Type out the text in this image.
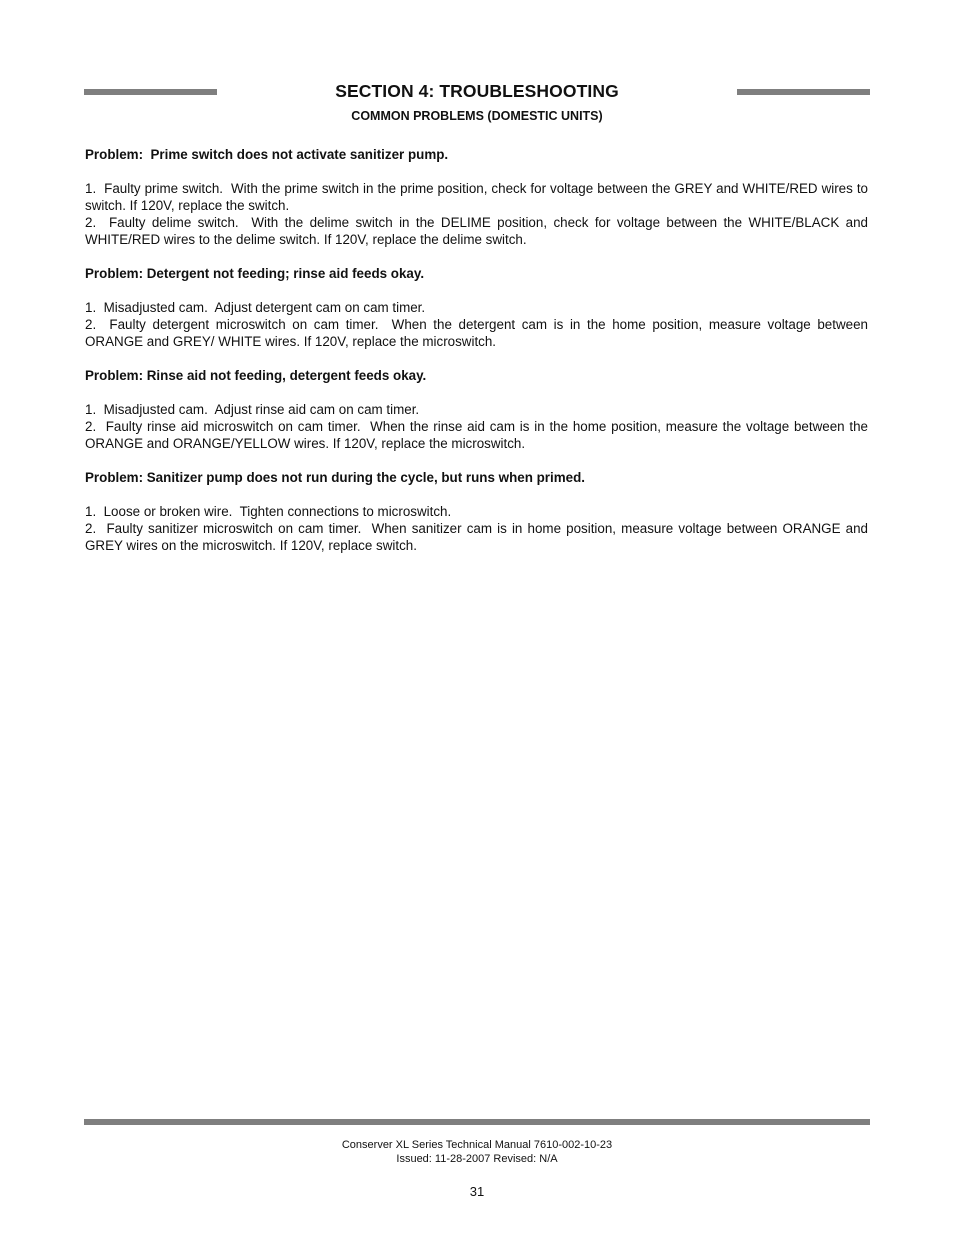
SECTION 4: TROUBLESHOOTING
COMMON PROBLEMS (DOMESTIC UNITS)

Problem:  Prime switch does not activate sanitizer pump.

1.  Faulty prime switch.  With the prime switch in the prime position, check for voltage between the GREY and WHITE/RED wires to switch. If 120V, replace the switch.

2.  Faulty delime switch.  With the delime switch in the DELIME position, check for voltage between the WHITE/BLACK and WHITE/RED wires to the delime switch. If 120V, replace the delime switch.

Problem: Detergent not feeding; rinse aid feeds okay.

1.  Misadjusted cam.  Adjust detergent cam on cam timer.

2.  Faulty detergent microswitch on cam timer.  When the detergent cam is in the home position, measure voltage between ORANGE and GREY/ WHITE wires. If 120V, replace the microswitch.

Problem: Rinse aid not feeding, detergent feeds okay.

1.  Misadjusted cam.  Adjust rinse aid cam on cam timer.

2.  Faulty rinse aid microswitch on cam timer.  When the rinse aid cam is in the home position, measure the voltage between the ORANGE and ORANGE/YELLOW wires. If 120V, replace the microswitch.

Problem: Sanitizer pump does not run during the cycle, but runs when primed.

1.  Loose or broken wire.  Tighten connections to microswitch.

2.  Faulty sanitizer microswitch on cam timer.  When sanitizer cam is in home position, measure voltage between ORANGE and GREY wires on the microswitch. If 120V, replace switch.

Conserver XL Series Technical Manual 7610-002-10-23
Issued: 11-28-2007 Revised: N/A
31
